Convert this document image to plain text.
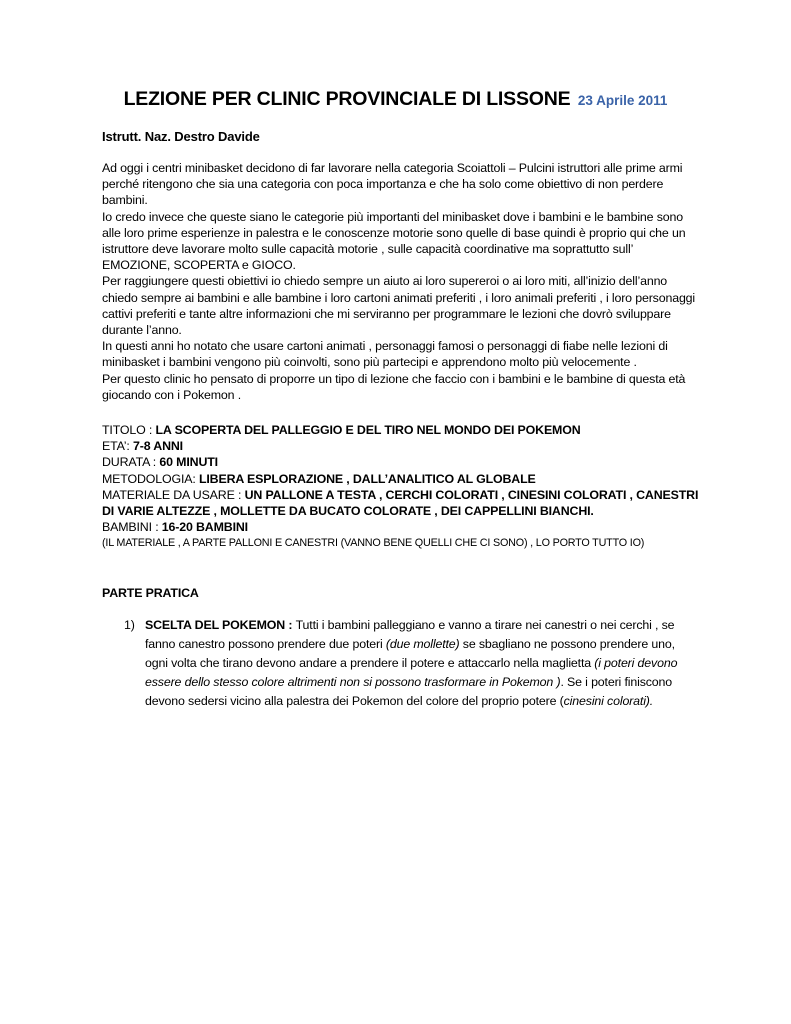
LEZIONE PER CLINIC PROVINCIALE DI LISSONE 23 Aprile 2011
Istrutt. Naz. Destro Davide

Ad oggi i centri minibasket decidono di far lavorare nella categoria Scoiattoli – Pulcini istruttori alle prime armi perché ritengono che sia una categoria con poca importanza e che ha solo come obiettivo di non perdere bambini.

Io credo invece che queste siano le categorie più importanti del minibasket dove i bambini e le bambine sono alle loro prime esperienze in palestra e le conoscenze motorie sono quelle di base quindi è proprio qui che un istruttore deve lavorare molto sulle capacità motorie , sulle capacità coordinative ma soprattutto sull’ EMOZIONE, SCOPERTA e GIOCO.

Per raggiungere questi obiettivi io chiedo sempre un aiuto ai loro supereroi o ai loro miti, all’inizio dell’anno chiedo sempre ai bambini e alle bambine i loro cartoni animati preferiti , i loro animali preferiti , i loro personaggi cattivi preferiti e tante altre informazioni che mi serviranno per programmare le lezioni che dovrò sviluppare durante l’anno.

In questi anni ho notato che usare cartoni animati , personaggi famosi o personaggi di fiabe nelle lezioni di minibasket i bambini vengono più coinvolti, sono più partecipi e apprendono molto più velocemente .

Per questo clinic ho pensato di proporre un tipo di lezione che faccio con i bambini e le bambine di questa età giocando con i Pokemon .

TITOLO : LA SCOPERTA DEL PALLEGGIO E DEL TIRO NEL MONDO DEI POKEMON
ETA’: 7-8 ANNI
DURATA : 60 MINUTI
METODOLOGIA: LIBERA ESPLORAZIONE , DALL’ANALITICO AL GLOBALE
MATERIALE DA USARE : UN PALLONE A TESTA , CERCHI COLORATI , CINESINI COLORATI , CANESTRI DI VARIE ALTEZZE , MOLLETTE DA BUCATO COLORATE , DEI CAPPELLINI BIANCHI.
BAMBINI : 16-20 BAMBINI
(IL MATERIALE , A PARTE PALLONI E CANESTRI (VANNO BENE QUELLI CHE CI SONO) , LO PORTO TUTTO IO)
PARTE PRATICA
1) SCELTA DEL POKEMON : Tutti i bambini palleggiano e vanno a tirare nei canestri o nei cerchi , se fanno canestro possono prendere due poteri (due mollette) se sbagliano ne possono prendere uno, ogni volta che tirano devono andare a prendere il potere e attaccarlo nella maglietta (i poteri devono essere dello stesso colore altrimenti non si possono trasformare in Pokemon ). Se i poteri finiscono devono sedersi vicino alla palestra dei Pokemon del colore del proprio potere (cinesini colorati).
